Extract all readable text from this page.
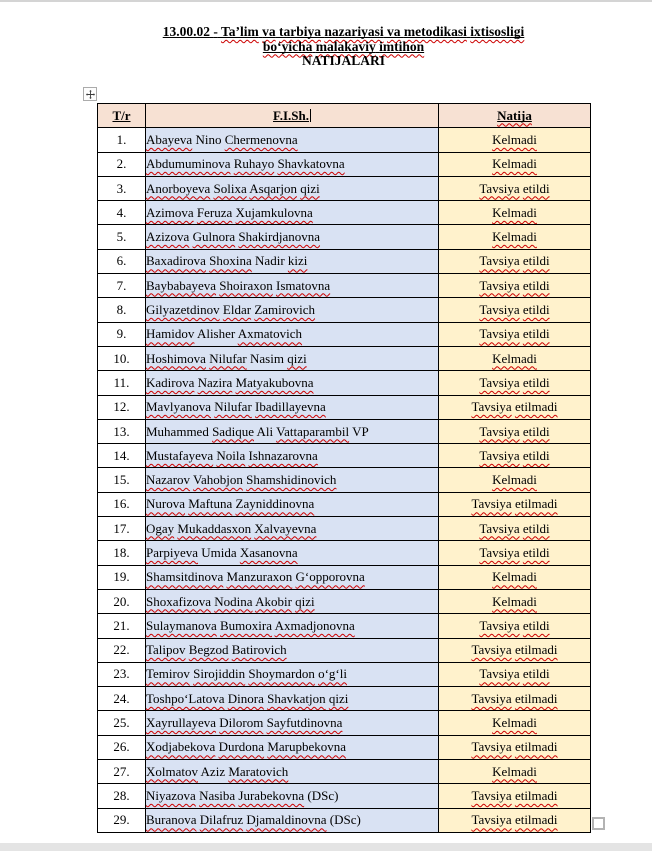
13.00.02 - Ta’lim va tarbiya nazariyasi va metodikasi ixtisosligi
boʻyicha malakaviy imtihon
NATIJALARI
T/r	F.I.Sh.	Natija
1.	Abayeva Nino Chermenovna	Kelmadi
2.	Abdumuminova Ruhayo Shavkatovna	Kelmadi
3.	Anorboyeva Solixa Asqarjon qizi	Tavsiya etildi
4.	Azimova Feruza Xujamkulovna	Kelmadi
5.	Azizova Gulnora Shakirdjanovna	Kelmadi
6.	Baxadirova Shoxina Nadir kizi	Tavsiya etildi
7.	Baybabayeva Shoiraxon Ismatovna	Tavsiya etildi
8.	Gilyazetdinov Eldar Zamirovich	Tavsiya etildi
9.	Hamidov Alisher Axmatovich	Tavsiya etildi
10.	Hoshimova Nilufar Nasim qizi	Kelmadi
11.	Kadirova Nazira Matyakubovna	Tavsiya etildi
12.	Mavlyanova Nilufar Ibadillayevna	Tavsiya etilmadi
13.	Muhammed Sadique Ali Vattaparambil VP	Tavsiya etildi
14.	Mustafayeva Noila Ishnazarovna	Tavsiya etildi
15.	Nazarov Vahobjon Shamshidinovich	Kelmadi
16.	Nurova Maftuna Zayniddinovna	Tavsiya etilmadi
17.	Ogay Mukaddasxon Xalvayevna	Tavsiya etildi
18.	Parpiyeva Umida Xasanovna	Tavsiya etildi
19.	Shamsitdinova Manzuraxon Gʻopporovna	Kelmadi
20.	Shoxafizova Nodina Akobir qizi	Kelmadi
21.	Sulaymanova Bumoxira Axmadjonovna	Tavsiya etildi
22.	Talipov Begzod Batirovich	Tavsiya etilmadi
23.	Temirov Sirojiddin Shoymardon oʻgʻli	Tavsiya etildi
24.	ToshpoʻLatova Dinora Shavkatjon qizi	Tavsiya etilmadi
25.	Xayrullayeva Dilorom Sayfutdinovna	Kelmadi
26.	Xodjabekova Durdona Marupbekovna	Tavsiya etilmadi
27.	Xolmatov Aziz Maratovich	Kelmadi
28.	Niyazova Nasiba Jurabekovna (DSc)	Tavsiya etilmadi
29.	Buranova Dilafruz Djamaldinovna (DSc)	Tavsiya etilmadi
